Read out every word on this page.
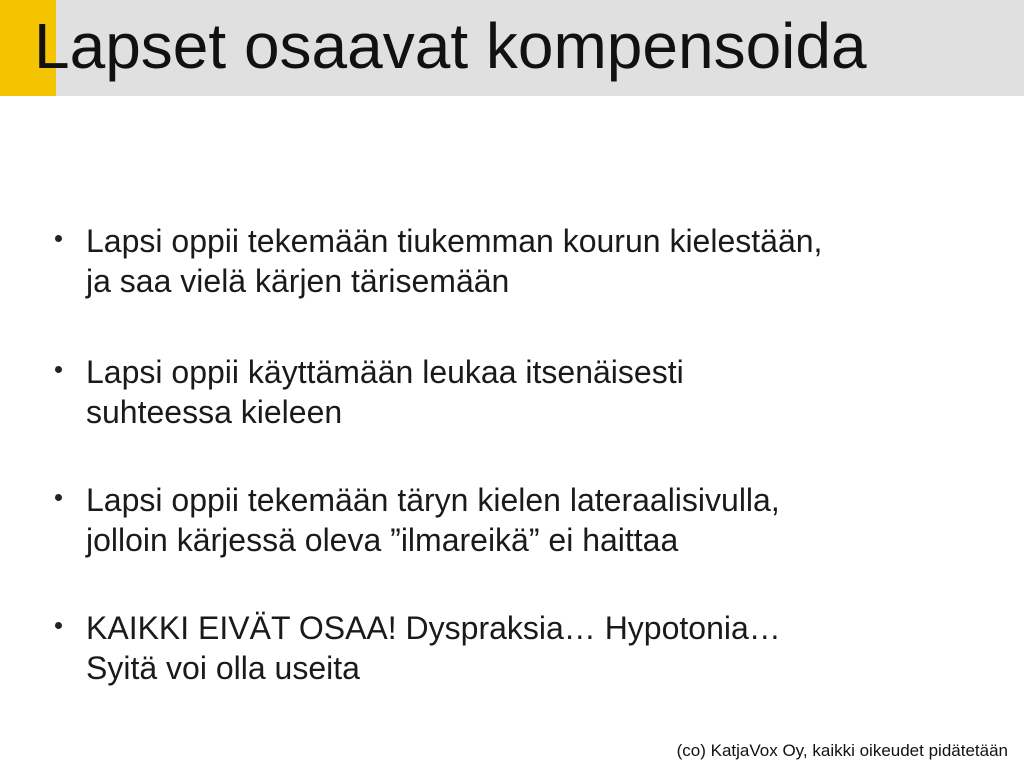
Lapset osaavat kompensoida
Lapsi oppii tekemään tiukemman kourun kielestään,
ja saa vielä kärjen tärisemään
Lapsi oppii käyttämään leukaa itsenäisesti
suhteessa kieleen
Lapsi oppii tekemään täryn kielen lateraalisivulla,
jolloin kärjessä oleva ”ilmareikä” ei haittaa
KAIKKI EIVÄT OSAA! Dyspraksia… Hypotonia…
Syitä voi olla useita
(co) KatjaVox Oy, kaikki oikeudet pidätetään
